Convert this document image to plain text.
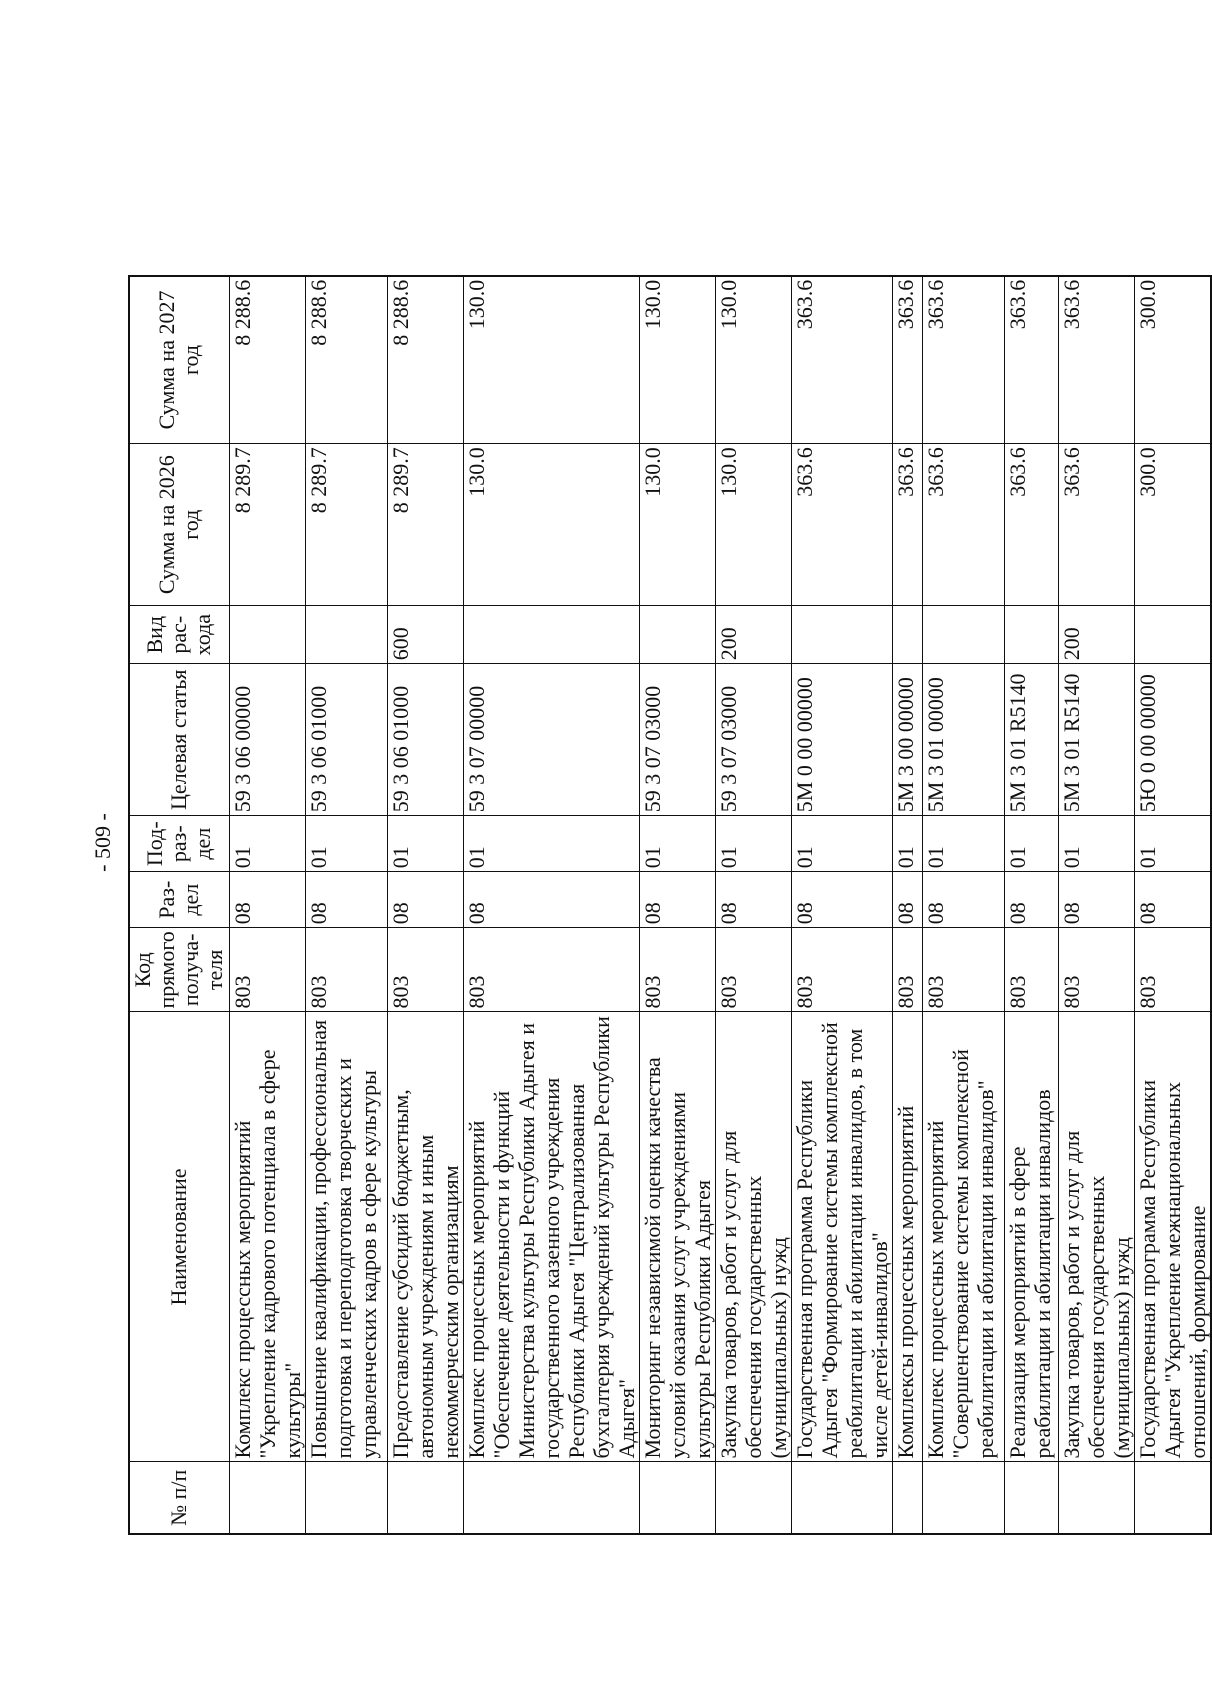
- 509 -
№ п/п	Наименование	Код прямого получа-теля	Раз-дел	Под-раз-дел	Целевая статья	Вид рас-хода	Сумма на 2026 год	Сумма на 2027 год
	Комплекс процессных мероприятий "Укрепление кадрового потенциала в сфере культуры"	803	08	01	59 3 06 00000		8 289.7	8 288.6
	Повышение квалификации, профессиональная подготовка и переподготовка творческих и управленческих кадров в сфере культуры	803	08	01	59 3 06 01000		8 289.7	8 288.6
	Предоставление субсидий бюджетным, автономным учреждениям и иным некоммерческим организациям	803	08	01	59 3 06 01000	600	8 289.7	8 288.6
	Комплекс процессных мероприятий "Обеспечение деятельности и функций Министерства культуры Республики Адыгея и государственного казенного учреждения Республики Адыгея "Централизованная бухгалтерия учреждений культуры Республики Адыгея"	803	08	01	59 3 07 00000		130.0	130.0
	Мониторинг независимой оценки качества условий оказания услуг учреждениями культуры Республики Адыгея	803	08	01	59 3 07 03000		130.0	130.0
	Закупка товаров, работ и услуг для обеспечения государственных (муниципальных) нужд	803	08	01	59 3 07 03000	200	130.0	130.0
	Государственная программа Республики Адыгея "Формирование системы комплексной реабилитации и абилитации инвалидов, в том числе детей-инвалидов"	803	08	01	5М 0 00 00000		363.6	363.6
	Комплексы процессных мероприятий	803	08	01	5М 3 00 00000		363.6	363.6
	Комплекс процессных мероприятий "Совершенствование системы комплексной реабилитации и абилитации инвалидов"	803	08	01	5М 3 01 00000		363.6	363.6
	Реализация мероприятий в сфере реабилитации и абилитации инвалидов	803	08	01	5М 3 01 R5140		363.6	363.6
	Закупка товаров, работ и услуг для обеспечения государственных (муниципальных) нужд	803	08	01	5М 3 01 R5140	200	363.6	363.6
	Государственная программа Республики Адыгея "Укрепление межнациональных отношений, формирование	803	08	01	5Ю 0 00 00000		300.0	300.0
